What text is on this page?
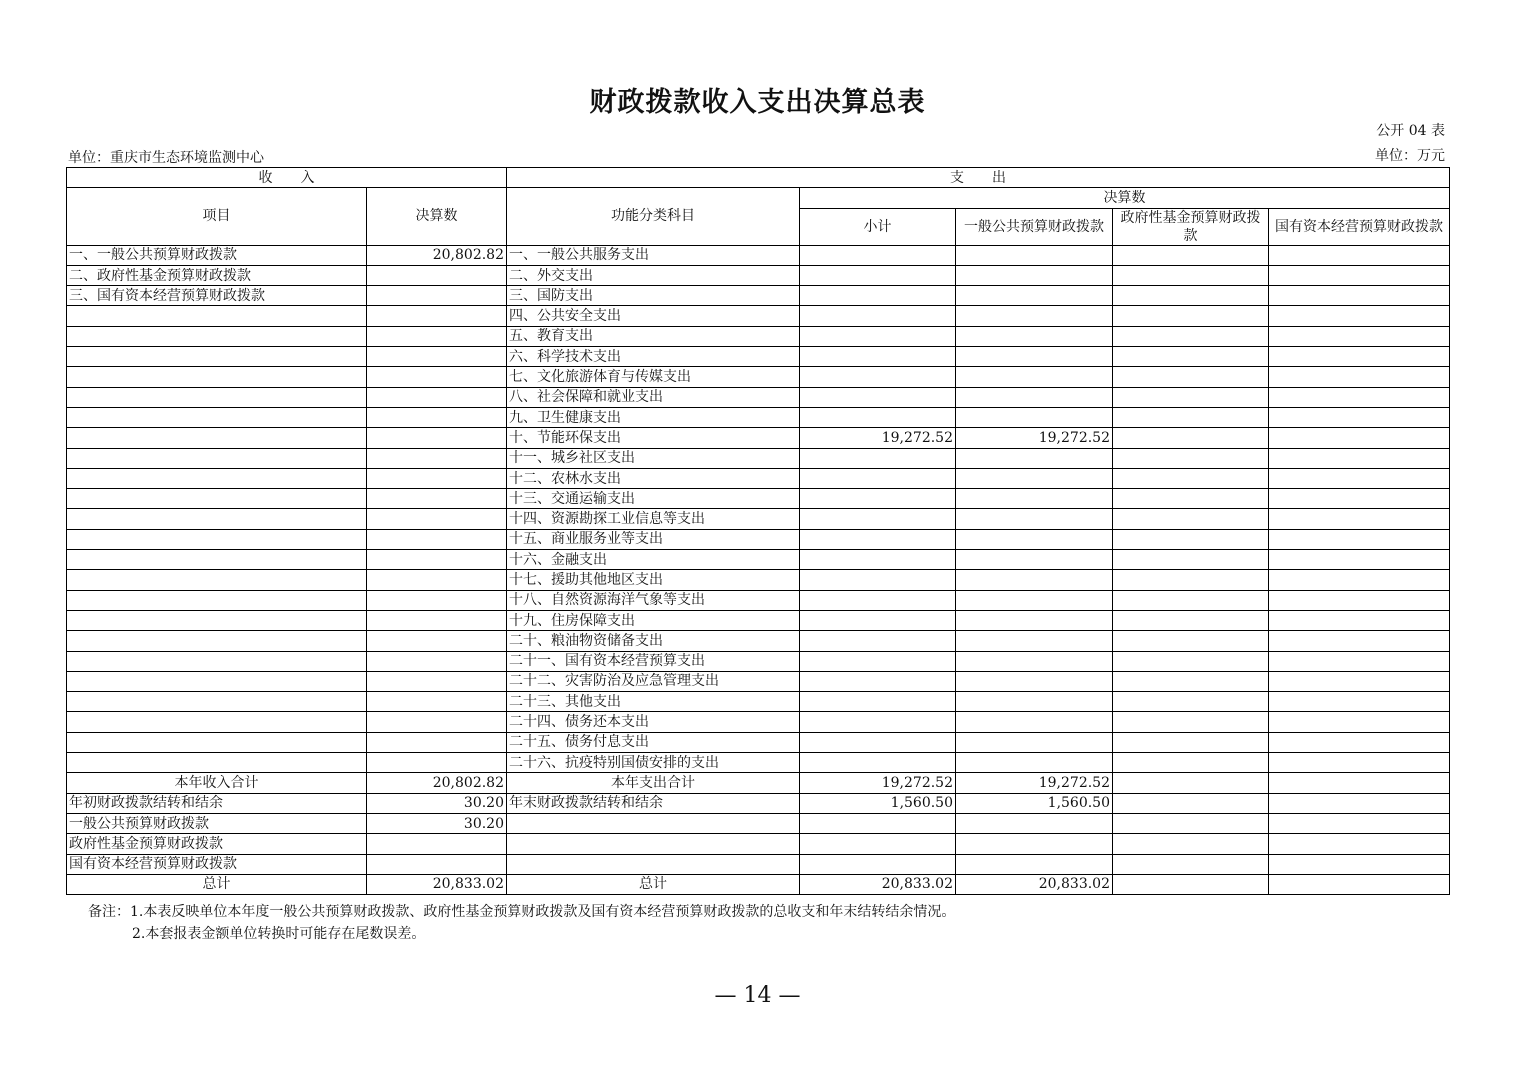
财政拨款收入支出决算总表
公开 04 表
单位：重庆市生态环境监测中心	单位：万元
收　　入		支　　出				
项目	决算数	功能分类科目	决算数			
			小计	一般公共预算财政拨款	政府性基金预算财政拨款	国有资本经营预算财政拨款

一、一般公共预算财政拨款	20,802.82	一、一般公共服务支出				
二、政府性基金预算财政拨款		二、外交支出				
三、国有资本经营预算财政拨款		三、国防支出				
		四、公共安全支出				
		五、教育支出				
		六、科学技术支出				
		七、文化旅游体育与传媒支出				
		八、社会保障和就业支出				
		九、卫生健康支出				
		十、节能环保支出	19,272.52	19,272.52		
		十一、城乡社区支出				
		十二、农林水支出				
		十三、交通运输支出				
		十四、资源勘探工业信息等支出				
		十五、商业服务业等支出				
		十六、金融支出				
		十七、援助其他地区支出				
		十八、自然资源海洋气象等支出				
		十九、住房保障支出				
		二十、粮油物资储备支出				
		二十一、国有资本经营预算支出				
		二十二、灾害防治及应急管理支出				
		二十三、其他支出				
		二十四、债务还本支出				
		二十五、债务付息支出				
		二十六、抗疫特别国债安排的支出				
本年收入合计	20,802.82	本年支出合计	19,272.52	19,272.52		
年初财政拨款结转和结余	30.20	年末财政拨款结转和结余	1,560.50	1,560.50		
一般公共预算财政拨款	30.20					
政府性基金预算财政拨款						
国有资本经营预算财政拨款						
总计	20,833.02	总计	20,833.02	20,833.02		
备注：1.本表反映单位本年度一般公共预算财政拨款、政府性基金预算财政拨款及国有资本经营预算财政拨款的总收支和年末结转结余情况。
2.本套报表金额单位转换时可能存在尾数误差。
— 14 —
